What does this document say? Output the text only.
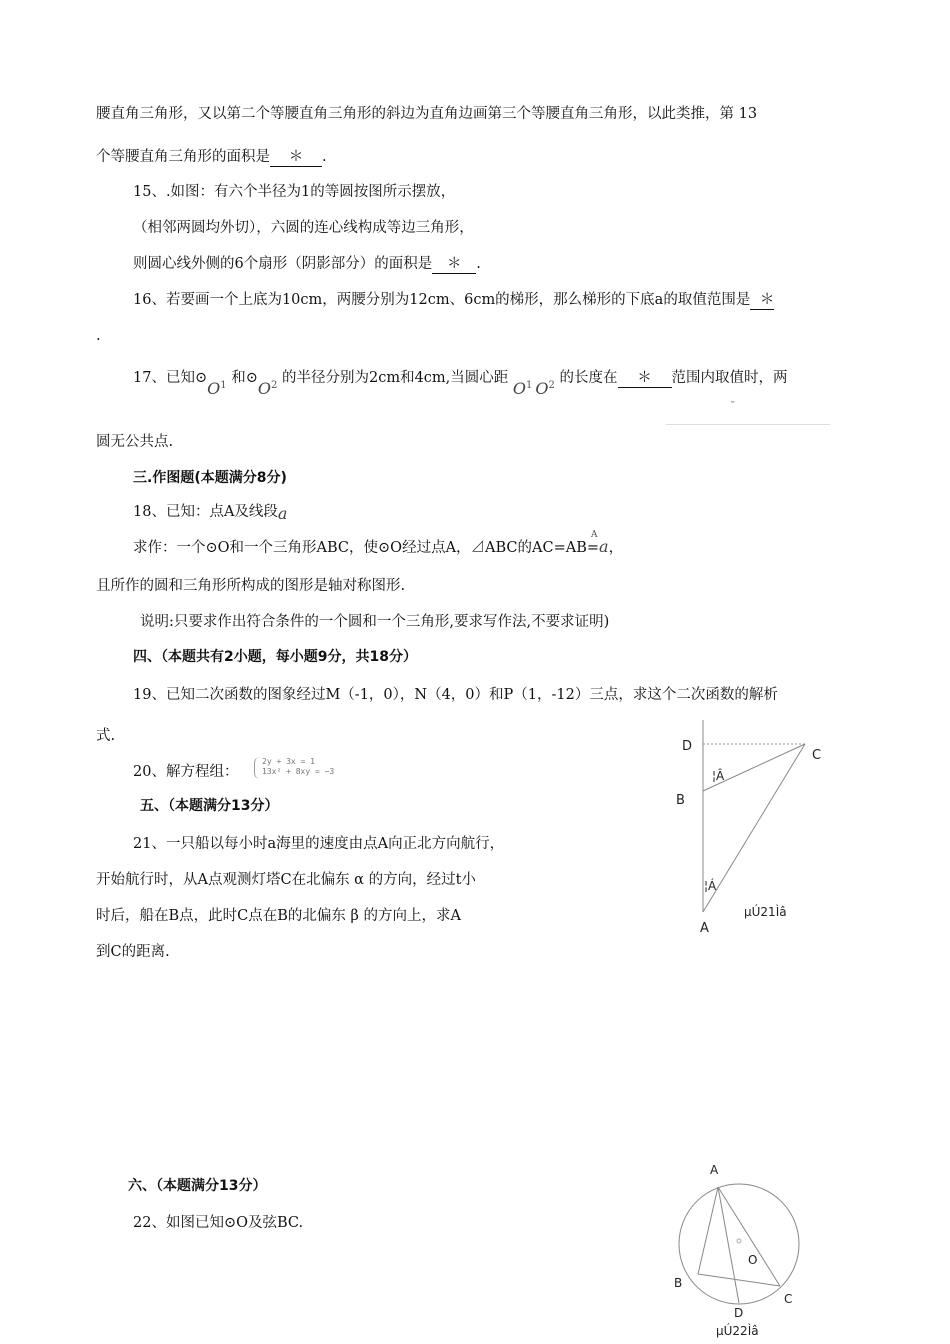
腰直角三角形，又以第二个等腰直角三角形的斜边为直角边画第三个等腰直角三角形，以此类推，第 13
个等腰直角三角形的面积是 ＊ .
15、.如图：有六个半径为1的等圆按图所示摆放，
（相邻两圆均外切），六圆的连心线构成等边三角形，
则圆心线外侧的6个扇形（阴影部分）的面积是 ＊ .
16、若要画一个上底为10cm，两腰分别为12cm、6cm的梯形，那么梯形的下底a的取值范围是 ＊
.
17、已知$⊙O_1$ 和$⊙O_2$ 的半径分别为2cm和4cm,当圆心距 $O_1$ $O_2$ 的长度在 ＊ 范围内取值时，两
˘
圆无公共点.
三.作图题(本题满分8分)
18、已知：点A及线段a
求作：一个⊙O和一个三角形ABC，使⊙O经过点A，⊿ABC的AC=AB=
A
a，
且所作的圆和三角形所构成的图形是轴对称图形.
说明:只要求作出符合条件的一个圆和一个三角形,要求写作法,不要求证明)
四、（本题共有2小题，每小题9分，共18分）
19、已知二次函数的图象经过M（-1，0），N（4，0）和P（1，-12）三点，求这个二次函数的解析
式.
20、解方程组：
2y + 3x = 1
13x² + 8xy = −3
五、（本题满分13分）
21、一只船以每小时a海里的速度由点A向正北方向航行，
开始航行时，从A点观测灯塔C在北偏东 α 的方向，经过t小
时后，船在B点，此时C点在B的北偏东 β 的方向上，求A
到C的距离.
D
C
B
A
¦Â
¦Á
µÚ21Ìâ
六、（本题满分13分）
22、如图已知⊙O及弦BC.
A
O
B
C
D
µÚ22Ìâ
